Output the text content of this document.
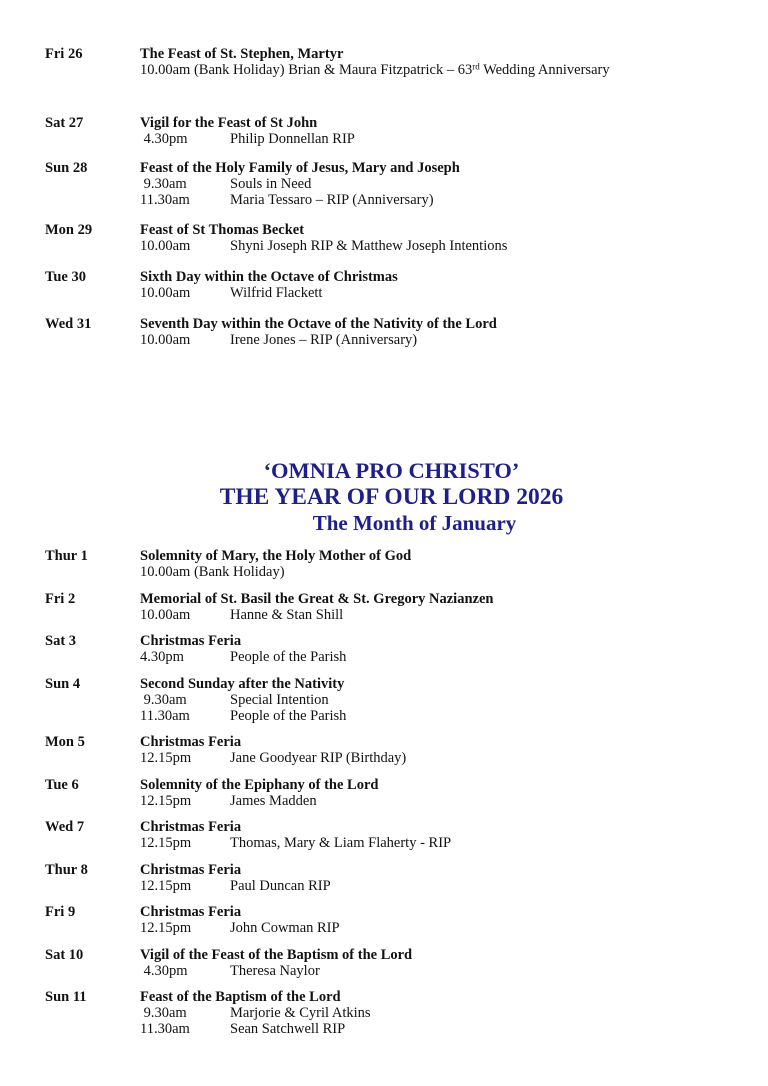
Fri 26	The Feast of St. Stephen, Martyr
10.00am (Bank Holiday) Brian & Maura Fitzpatrick – 63rd Wedding Anniversary
Sat 27	Vigil for the Feast of St John
4.30pm	Philip Donnellan RIP
Sun 28	Feast of the Holy Family of Jesus, Mary and Joseph
9.30am	Souls in Need
11.30am	Maria Tessaro – RIP (Anniversary)
Mon 29	Feast of St Thomas Becket
10.00am	Shyni Joseph RIP & Matthew Joseph Intentions
Tue 30	Sixth Day within the Octave of Christmas
10.00am	Wilfrid Flackett
Wed 31	Seventh Day within the Octave of the Nativity of the Lord
10.00am	Irene Jones – RIP (Anniversary)
‘OMNIA PRO CHRISTO’
THE YEAR OF OUR LORD 2026
The Month of January
Thur 1	Solemnity of Mary, the Holy Mother of God
10.00am (Bank Holiday)
Fri 2	Memorial of St. Basil the Great & St. Gregory Nazianzen
10.00am	Hanne & Stan Shill
Sat 3	Christmas Feria
4.30pm	People of the Parish
Sun 4	Second Sunday after the Nativity
9.30am	Special Intention
11.30am	People of the Parish
Mon 5	Christmas Feria
12.15pm	Jane Goodyear RIP (Birthday)
Tue 6	Solemnity of the Epiphany of the Lord
12.15pm	James Madden
Wed 7	Christmas Feria
12.15pm	Thomas, Mary & Liam Flaherty - RIP
Thur 8	Christmas Feria
12.15pm	Paul Duncan RIP
Fri 9	Christmas Feria
12.15pm	John Cowman RIP
Sat 10	Vigil of the Feast of the Baptism of the Lord
4.30pm	Theresa Naylor
Sun 11	Feast of the Baptism of the Lord
9.30am	Marjorie & Cyril Atkins
11.30am	Sean Satchwell RIP
